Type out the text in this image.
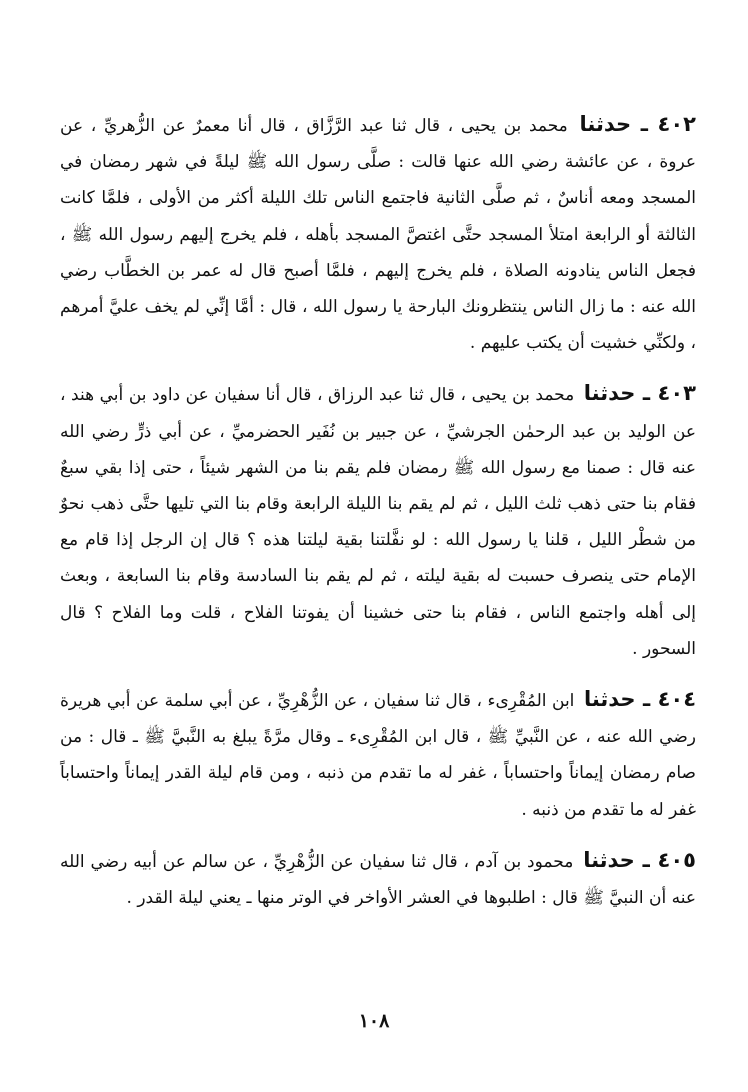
٤٠٢ ـ حدثنا محمد بن يحيى ، قال ثنا عبد الرَّزَّاق ، قال أنا معمرٌ عن الزُّهريِّ ، عن عروة ، عن عائشة رضي الله عنها قالت : صلَّى رسول الله ﷺ ليلةً في شهر رمضان في المسجد ومعه أناسٌ ، ثم صلَّى الثانية فاجتمع الناس تلك الليلة أكثر من الأولى ، فلمَّا كانت الثالثة أو الرابعة امتلأ المسجد حتَّى اغتصَّ المسجد بأهله ، فلم يخرج إليهم رسول الله ﷺ ، فجعل الناس ينادونه الصلاة ، فلم يخرج إليهم ، فلمَّا أصبح قال له عمر بن الخطَّاب رضي الله عنه : ما زال الناس ينتظرونك البارحة يا رسول الله ، قال : أمَّا إنِّي لم يخف عليَّ أمرهم ، ولكنِّي خشيت أن يكتب عليهم .

٤٠٣ ـ حدثنا محمد بن يحيى ، قال ثنا عبد الرزاق ، قال أنا سفيان عن داود بن أبي هند ، عن الوليد بن عبد الرحمٰن الجرشيِّ ، عن جبير بن نُفَير الحضرميِّ ، عن أبي ذرٍّ رضي الله عنه قال : صمنا مع رسول الله ﷺ رمضان فلم يقم بنا من الشهر شيئاً ، حتى إذا بقي سبعٌ فقام بنا حتى ذهب ثلث الليل ، ثم لم يقم بنا الليلة الرابعة وقام بنا التي تليها حتَّى ذهب نحوٌ من شطْر الليل ، قلنا يا رسول الله : لو نفَّلتنا بقية ليلتنا هذه ؟ قال إن الرجل إذا قام مع الإمام حتى ينصرف حسبت له بقية ليلته ، ثم لم يقم بنا السادسة وقام بنا السابعة ، وبعث إلى أهله واجتمع الناس ، فقام بنا حتى خشينا أن يفوتنا الفلاح ، قلت وما الفلاح ؟ قال السحور .

٤٠٤ ـ حدثنا ابن المُقْرِىء ، قال ثنا سفيان ، عن الزُّهْرِيِّ ، عن أبي سلمة عن أبي هريرة رضي الله عنه ، عن النَّبيِّ ﷺ ، قال ابن المُقْرِىء ـ وقال مرَّةً يبلغ به النَّبيَّ ﷺ ـ قال : من صام رمضان إيماناً واحتساباً ، غفر له ما تقدم من ذنبه ، ومن قام ليلة القدر إيماناً واحتساباً غفر له ما تقدم من ذنبه .

٤٠٥ ـ حدثنا محمود بن آدم ، قال ثنا سفيان عن الزُّهْرِيِّ ، عن سالم عن أبيه رضي الله عنه أن النبيَّ ﷺ قال : اطلبوها في العشر الأواخر في الوتر منها ـ يعني ليلة القدر .

١٠٨
